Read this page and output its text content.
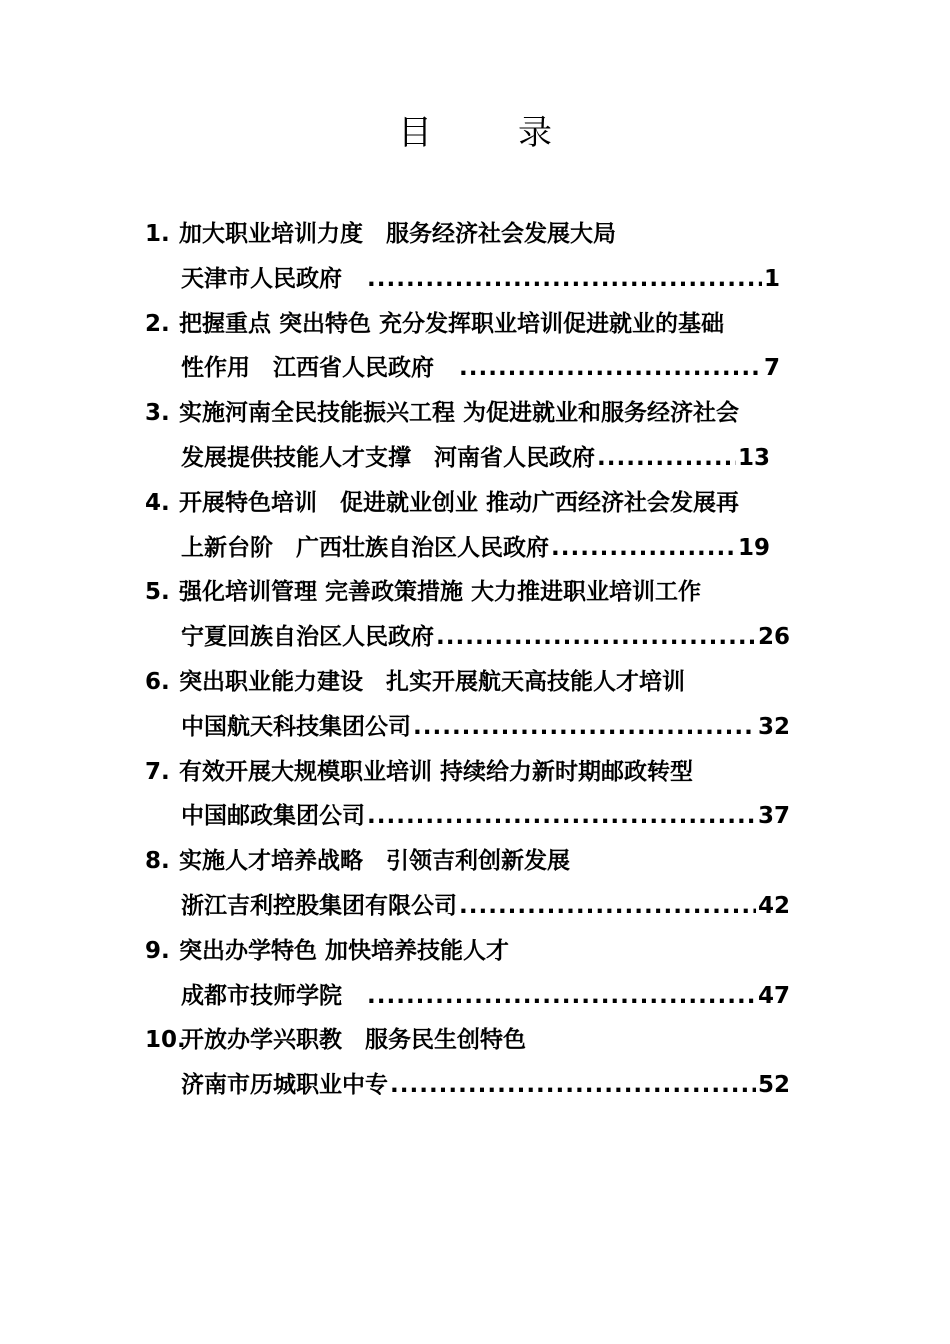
目　录
1. 加大职业培训力度　服务经济社会发展大局
天津市人民政府　 .....	1
2. 把握重点 突出特色 充分发挥职业培训促进就业的基础
性作用　江西省人民政府　 .....	7
3. 实施河南全民技能振兴工程 为促进就业和服务经济社会
发展提供技能人才支撑　河南省人民政府 .....	13
4. 开展特色培训　促进就业创业 推动广西经济社会发展再
上新台阶　广西壮族自治区人民政府 .....	19
5. 强化培训管理 完善政策措施 大力推进职业培训工作
宁夏回族自治区人民政府 .....	26
6. 突出职业能力建设　扎实开展航天高技能人才培训
中国航天科技集团公司 .....	32
7. 有效开展大规模职业培训 持续给力新时期邮政转型
中国邮政集团公司 .....	37
8. 实施人才培养战略　引领吉利创新发展
浙江吉利控股集团有限公司 .....	42
9. 突出办学特色 加快培养技能人才
成都市技师学院　 .....	47
10.
开放办学兴职教　服务民生创特色
济南市历城职业中专 .....	52
